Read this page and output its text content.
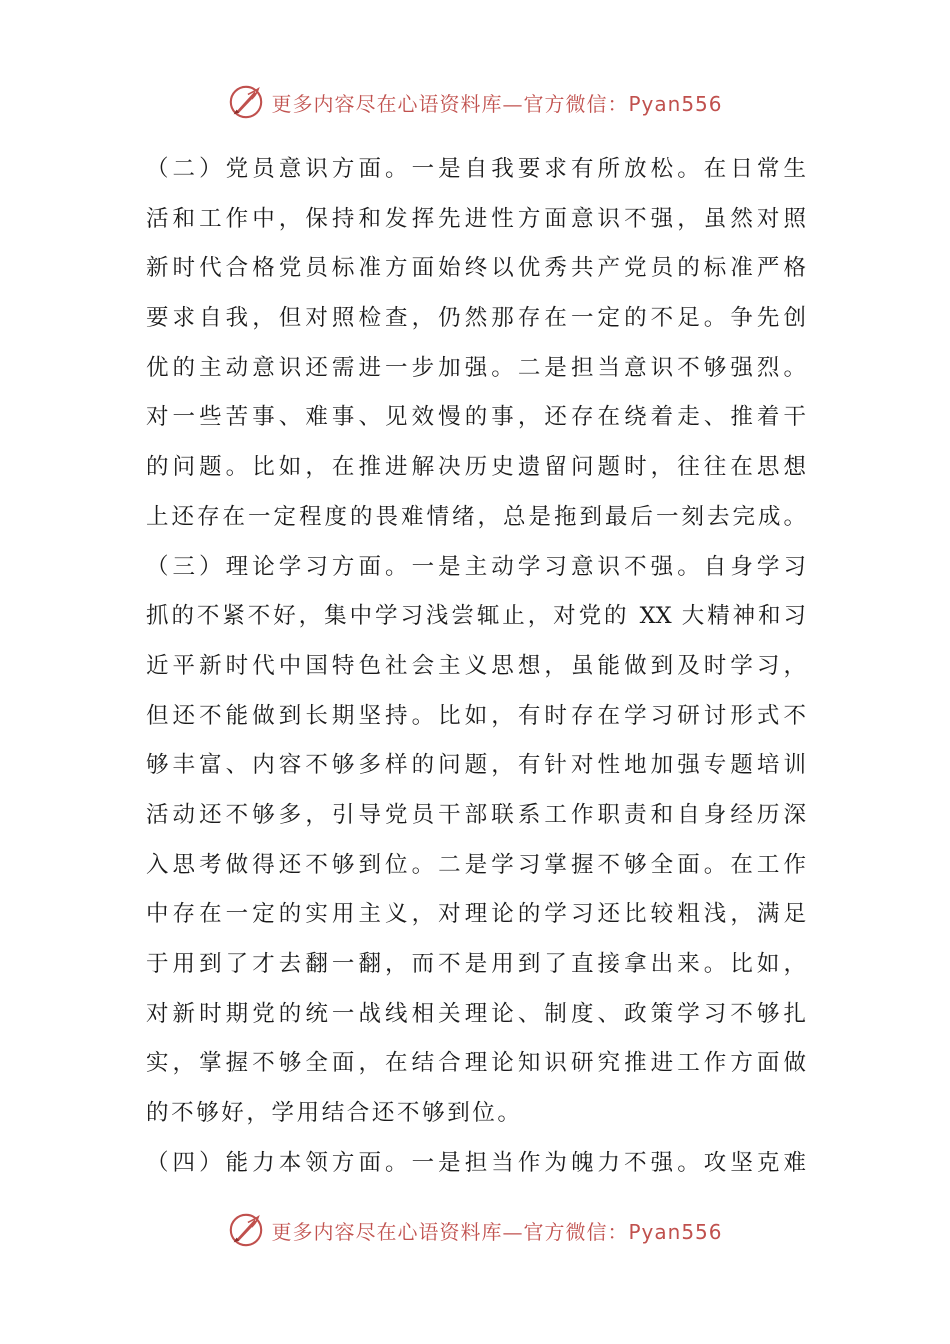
更多内容尽在心语资料库—官方微信：Pyan556
（二）党员意识方面。一是自我要求有所放松。在日常生
活和工作中，保持和发挥先进性方面意识不强，虽然对照
新时代合格党员标准方面始终以优秀共产党员的标准严格
要求自我，但对照检查，仍然那存在一定的不足。争先创
优的主动意识还需进一步加强。二是担当意识不够强烈。
对一些苦事、难事、见效慢的事，还存在绕着走、推着干
的问题。比如，在推进解决历史遗留问题时，往往在思想
上还存在一定程度的畏难情绪，总是拖到最后一刻去完成。
（三）理论学习方面。一是主动学习意识不强。自身学习
抓的不紧不好，集中学习浅尝辄止，对党的 XX 大精神和习
近平新时代中国特色社会主义思想，虽能做到及时学习，
但还不能做到长期坚持。比如，有时存在学习研讨形式不
够丰富、内容不够多样的问题，有针对性地加强专题培训
活动还不够多，引导党员干部联系工作职责和自身经历深
入思考做得还不够到位。二是学习掌握不够全面。在工作
中存在一定的实用主义，对理论的学习还比较粗浅，满足
于用到了才去翻一翻，而不是用到了直接拿出来。比如，
对新时期党的统一战线相关理论、制度、政策学习不够扎
实，掌握不够全面，在结合理论知识研究推进工作方面做
的不够好，学用结合还不够到位。
（四）能力本领方面。一是担当作为魄力不强。攻坚克难
更多内容尽在心语资料库—官方微信：Pyan556
